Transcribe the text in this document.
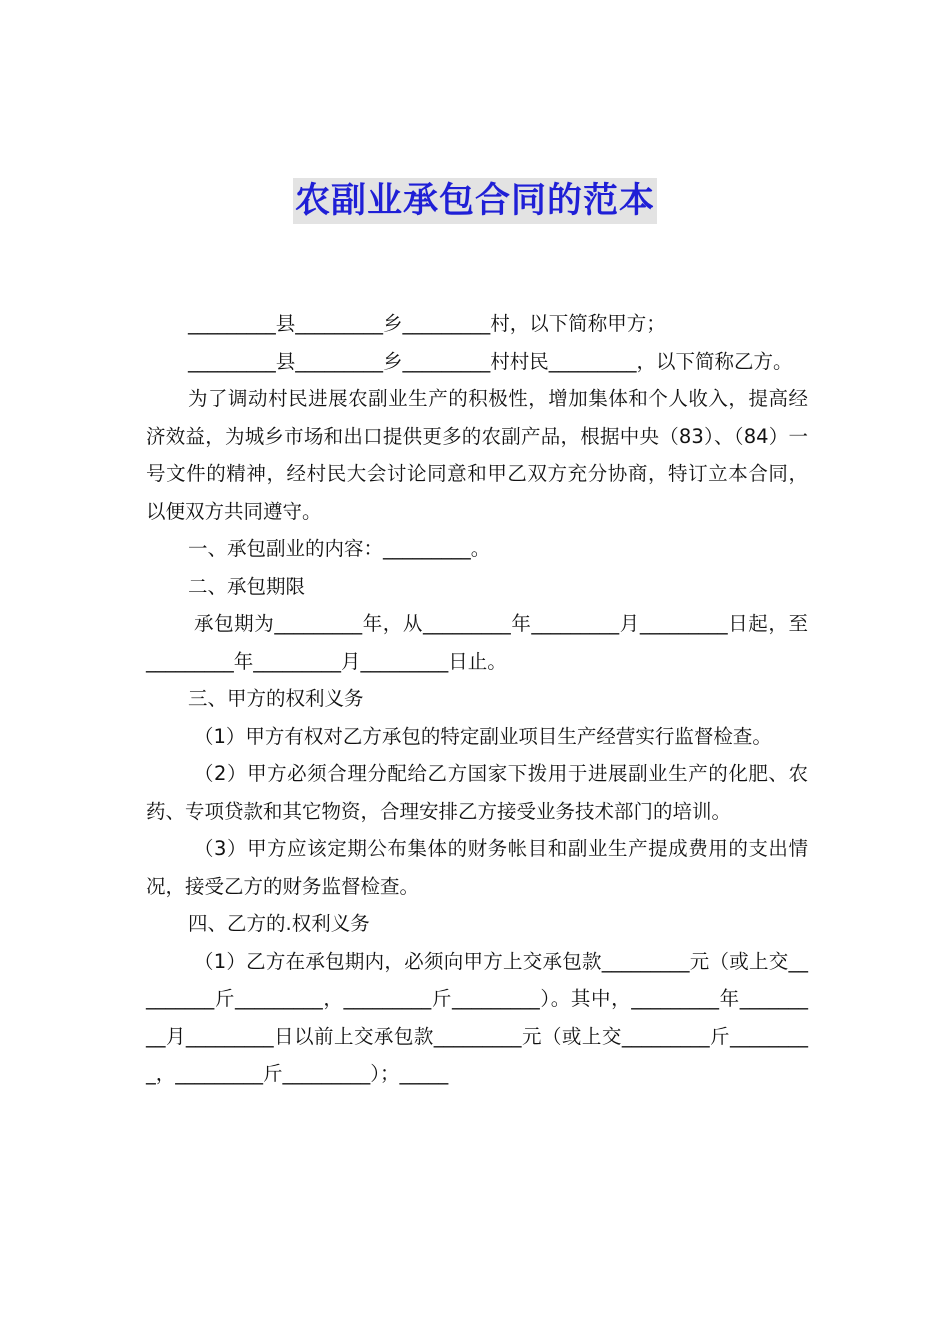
农副业承包合同的范本

_________县_________乡_________村，以下简称甲方；

_________县_________乡_________村村民_________，以下简称乙方。

为了调动村民进展农副业生产的积极性，增加集体和个人收入，提高经济效益，为城乡市场和出口提供更多的农副产品，根据中央（83）、（84）一号文件的精神，经村民大会讨论同意和甲乙双方充分协商，特订立本合同，以便双方共同遵守。

一、承包副业的内容：_________。

二、承包期限

承包期为_________年，从_________年_________月_________日起，至_________年_________月_________日止。

三、甲方的权利义务

（1）甲方有权对乙方承包的特定副业项目生产经营实行监督检查。

（2）甲方必须合理分配给乙方国家下拨用于进展副业生产的化肥、农药、专项贷款和其它物资，合理安排乙方接受业务技术部门的培训。

（3）甲方应该定期公布集体的财务帐目和副业生产提成费用的支出情况，接受乙方的财务监督检查。

四、乙方的.权利义务

（1）乙方在承包期内，必须向甲方上交承包款_________元（或上交_________斤_________，_________斤_________）。其中，_________年_________月_________日以前上交承包款_________元（或上交_________斤_________，_________斤_________）；_____
